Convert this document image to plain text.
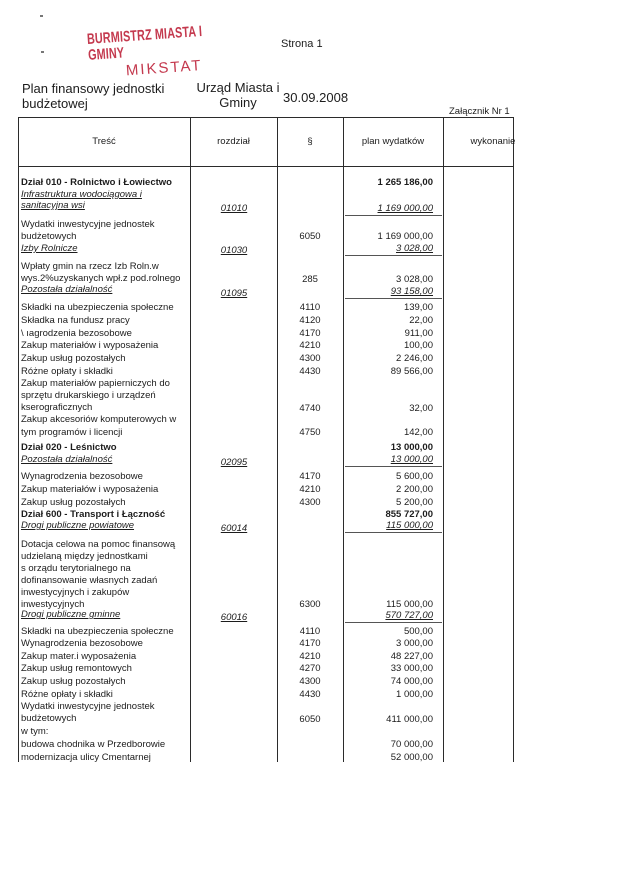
BURMISTRZ MIASTA I GMINY
MIKSTAT
Strona 1
Plan finansowy jednostki
budżetowej
Urząd Miasta i
Gminy	30.09.2008
Załącznik Nr 1
Treść	rozdział	§	plan wydatków	wykonanie
Dział 010 - Rolnictwo i Łowiectwo	1 265 186,00
Infrastruktura wodociągowa i
sanitacyjna wsi	01010	1 169 000,00
Wydatki inwestycyjne jednostek
budżetowych	6050	1 169 000,00
Izby Rolnicze	01030	3 028,00
Wpłaty gmin na rzecz Izb Roln.w
wys.2%uzyskanych wpł.z pod.rolnego	285	3 028,00
Pozostała działalność	01095	93 158,00
Składki na ubezpieczenia społeczne	4110	139,00
Składka na fundusz pracy	4120	22,00
\ ıagrodzenia bezosobowe	4170	911,00
Zakup materiałów i wyposażenia	4210	100,00
Zakup usług pozostałych	4300	2 246,00
Różne opłaty i składki	4430	89 566,00
Zakup materiałów papierniczych do
sprzętu drukarskiego i urządzeń
kserograficznych	4740	32,00
Zakup akcesoriów komputerowych w
tym programów i licencji	4750	142,00
Dział 020 - Leśnictwo	13 000,00
Pozostała działalność	02095	13 000,00
Wynagrodzenia bezosobowe	4170	5 600,00
Zakup materiałów i wyposażenia	4210	2 200,00
Zakup usług pozostałych	4300	5 200,00
Dział 600 - Transport i Łączność	855 727,00
Drogi publiczne powiatowe	60014	115 000,00
Dotacja celowa na pomoc finansową
udzielaną między jednostkami
s orządu terytorialnego na
dofinansowanie własnych zadań
inwestycyjnych i zakupów
inwestycyjnych	6300	115 000,00
Drogi publiczne gminne	60016	570 727,00
Składki na ubezpieczenia społeczne	4110	500,00
Wynagrodzenia bezosobowe	4170	3 000,00
Zakup mater.i wyposażenia	4210	48 227,00
Zakup usług remontowych	4270	33 000,00
Zakup usług pozostałych	4300	74 000,00
Różne opłaty i składki	4430	1 000,00
Wydatki inwestycyjne jednostek
budżetowych	6050	411 000,00
w tym:
budowa chodnika w Przedborowie	70 000,00
modernizacja ulicy Cmentarnej	52 000,00
